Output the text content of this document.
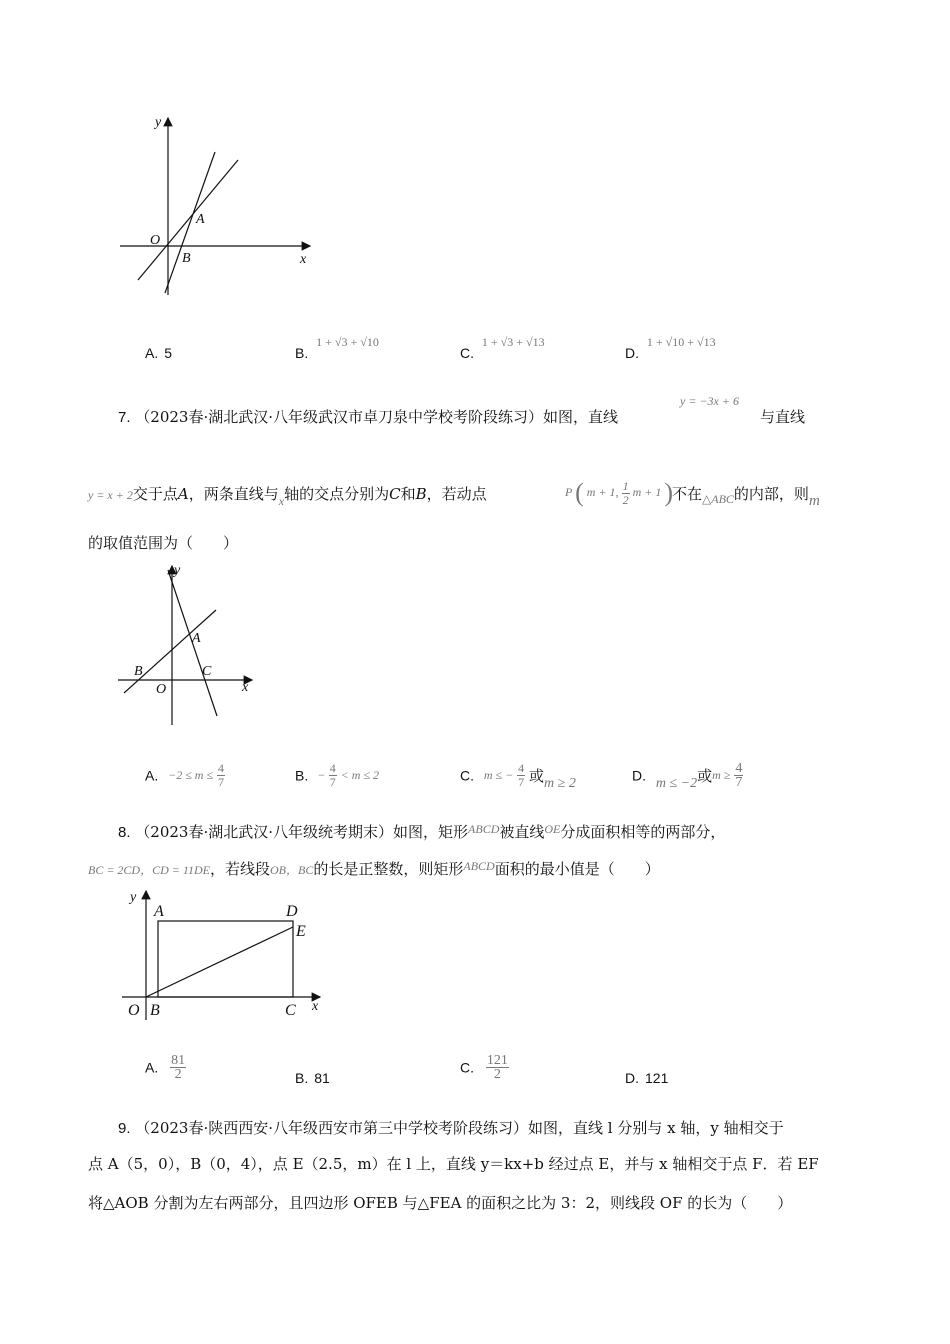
y
x
O
A
B
A. 5	B. 1 + √3 + √10
C. 1 + √3 + √13
D. 1 + √10 + √13
7. （2023春·湖北武汉·八年级武汉市卓刀泉中学校考阶段练习）如图，直线
y = −3x + 6
与直线
y = x + 2交于点A，两条直线与$_x$轴的交点分别为C和B，若动点	P ( m + 1, $\frac{1}{2}$ m + 1 ) 不在$_{\triangle ABC}$的内部，则m
的取值范围为（　　）
y
x
O
A
B	C
A. $-2 \le m \le \frac{4}{7}$	B. − $\frac{4}{7} < m \le 2$	C. m ≤ − $\frac{4}{7}$ 或m ≥ 2
D. m ≤ −2或$m \ge \frac{4}{7}$
8. （2023春·湖北武汉·八年级统考期末）如图，矩形$^{ABCD}$被直线$^{OE}$分成面积相等的两部分，
BC = 2CD，CD = 11DE，若线段OB，BC的长是正整数，则矩形$^{ABCD}$面积的最小值是（　　）
y
x
O
A
B	C
D
E
A. $\frac{81}{2}$	B. 81
C. $\frac{121}{2}$	D. 121
9. （2023春·陕西西安·八年级西安市第三中学校考阶段练习）如图，直线 l 分别与 x 轴，y 轴相交于
点 A（5，0），B（0，4），点 E（2.5，m）在 l 上，直线 y＝kx+b 经过点 E，并与 x 轴相交于点 F．若 EF
将△AOB 分割为左右两部分，且四边形 OFEB 与△FEA 的面积之比为 3：2，则线段 OF 的长为（　　）
